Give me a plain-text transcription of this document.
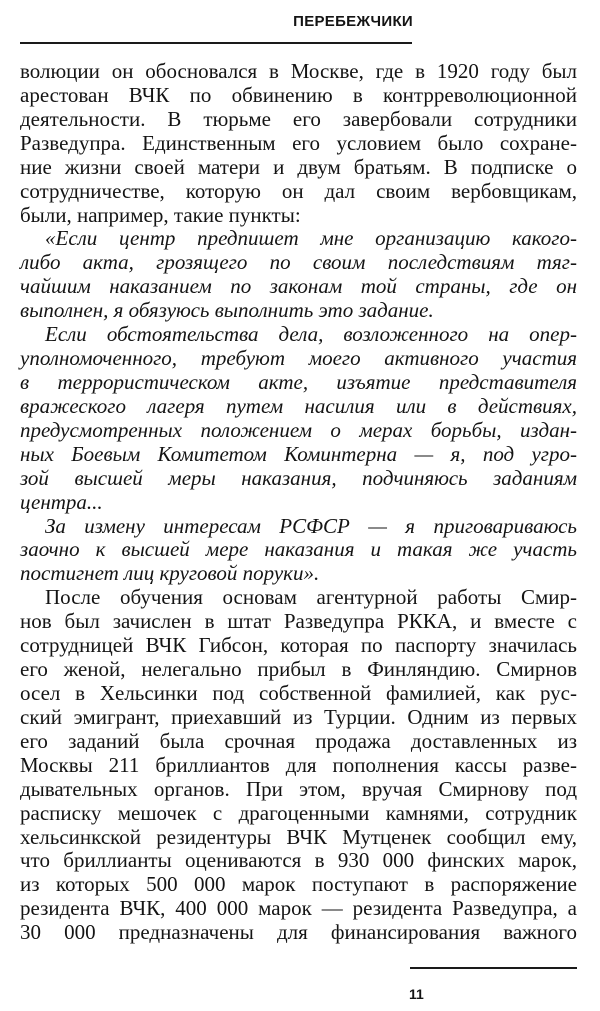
ПЕРЕБЕЖЧИКИ
волюции он обосновался в Москве, где в 1920 году был
арестован ВЧК по обвинению в контрреволюционной
деятельности. В тюрьме его завербовали сотрудники
Разведупра. Единственным его условием было сохране-
ние жизни своей матери и двум братьям. В подписке о
сотрудничестве, которую он дал своим вербовщикам,
были, например, такие пункты:
«Если центр предпишет мне организацию какого-
либо акта, грозящего по своим последствиям тяг-
чайшим наказанием по законам той страны, где он
выполнен, я обязуюсь выполнить это задание.
Если обстоятельства дела, возложенного на опер-
уполномоченного, требуют моего активного участия
в террористическом акте, изъятие представителя
вражеского лагеря путем насилия или в действиях,
предусмотренных положением о мерах борьбы, издан-
ных Боевым Комитетом Коминтерна — я, под угро-
зой высшей меры наказания, подчиняюсь заданиям
центра...
За измену интересам РСФСР — я приговариваюсь
заочно к высшей мере наказания и такая же участь
постигнет лиц круговой поруки».
После обучения основам агентурной работы Смир-
нов был зачислен в штат Разведупра РККА, и вместе с
сотрудницей ВЧК Гибсон, которая по паспорту значилась
его женой, нелегально прибыл в Финляндию. Смирнов
осел в Хельсинки под собственной фамилией, как рус-
ский эмигрант, приехавший из Турции. Одним из первых
его заданий была срочная продажа доставленных из
Москвы 211 бриллиантов для пополнения кассы разве-
дывательных органов. При этом, вручая Смирнову под
расписку мешочек с драгоценными камнями, сотрудник
хельсинкской резидентуры ВЧК Мутценек сообщил ему,
что бриллианты оцениваются в 930 000 финских марок,
из которых 500 000 марок поступают в распоряжение
резидента ВЧК, 400 000 марок — резидента Разведупра, а
30 000 предназначены для финансирования важного
11
